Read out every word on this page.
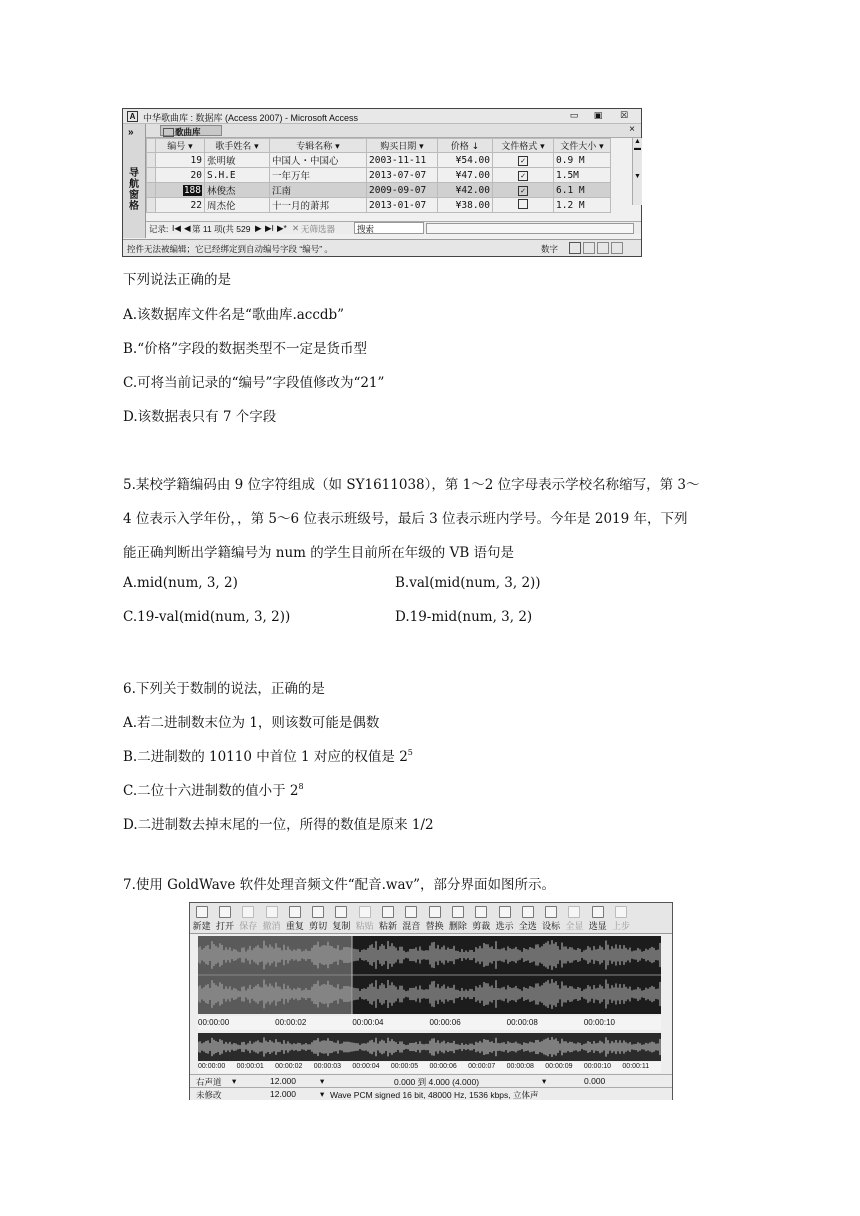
A 中华歌曲库 : 数据库 (Access 2007) - Microsoft Access	▭	▣	☒
»
导航窗格
歌曲库	×
	编号 ▾	歌手姓名 ▾	专辑名称 ▾	购买日期 ▾	价格 ↓	文件格式 ▾	文件大小 ▾
	19	张明敏	中国人・中国心	2003-11-11	¥54.00	✓	0.9 M
	20	S.H.E	一年万年	2013-07-07	¥47.00	✓	1.5M
	188	林俊杰	江南	2009-09-07	¥42.00	✓	6.1 M
	22	周杰伦	十一月的萧邦	2013-01-07	¥38.00		1.2 M
▲
▬

▼
记录: I◀ ◀ 第 11 项(共 529 ▶ ▶I ▶* ✕ 无筛选器	搜索
控件无法被编辑；它已经绑定到自动编号字段 “编号” 。	数字
下列说法正确的是
A.该数据库文件名是“歌曲库.accdb”
B.“价格”字段的数据类型不一定是货币型
C.可将当前记录的“编号”字段值修改为“21”
D.该数据表只有 7 个字段
5.某校学籍编码由 9 位字符组成（如 SY1611038），第 1～2 位字母表示学校名称缩写，第 3～
4 位表示入学年份，，第 5～6 位表示班级号，最后 3 位表示班内学号。今年是 2019 年，下列
能正确判断出学籍编号为 num 的学生目前所在年级的 VB 语句是
A.mid(num, 3, 2)	B.val(mid(num, 3, 2))
C.19-val(mid(num, 3, 2))	D.19-mid(num, 3, 2)
6.下列关于数制的说法，正确的是
A.若二进制数末位为 1，则该数可能是偶数
B.二进制数的 10110 中首位 1 对应的权值是 $2^5$
C.二位十六进制数的值小于 $2^8$
D.二进制数去掉末尾的一位，所得的数值是原来 1/2
7.使用 GoldWave 软件处理音频文件“配音.wav”，部分界面如图所示。
新建 打开 保存 撤消 重复 剪切 复制 粘贴 粘新 混音 替换 删除 剪裁 选示 全选 设标 全显 选显 上步
00:00:00	00:00:02	00:00:04	00:00:06	00:00:08	00:00:10
00:00:00 00:00:01 00:00:02 00:00:03 00:00:04 00:00:05 00:00:06 00:00:07 00:00:08 00:00:09 00:00:10 00:00:11
右声道 ▾	12.000	▾	0.000 到 4.000 (4.000)	▾	0.000
未修改	12.000	▾ Wave PCM signed 16 bit, 48000 Hz, 1536 kbps, 立体声
